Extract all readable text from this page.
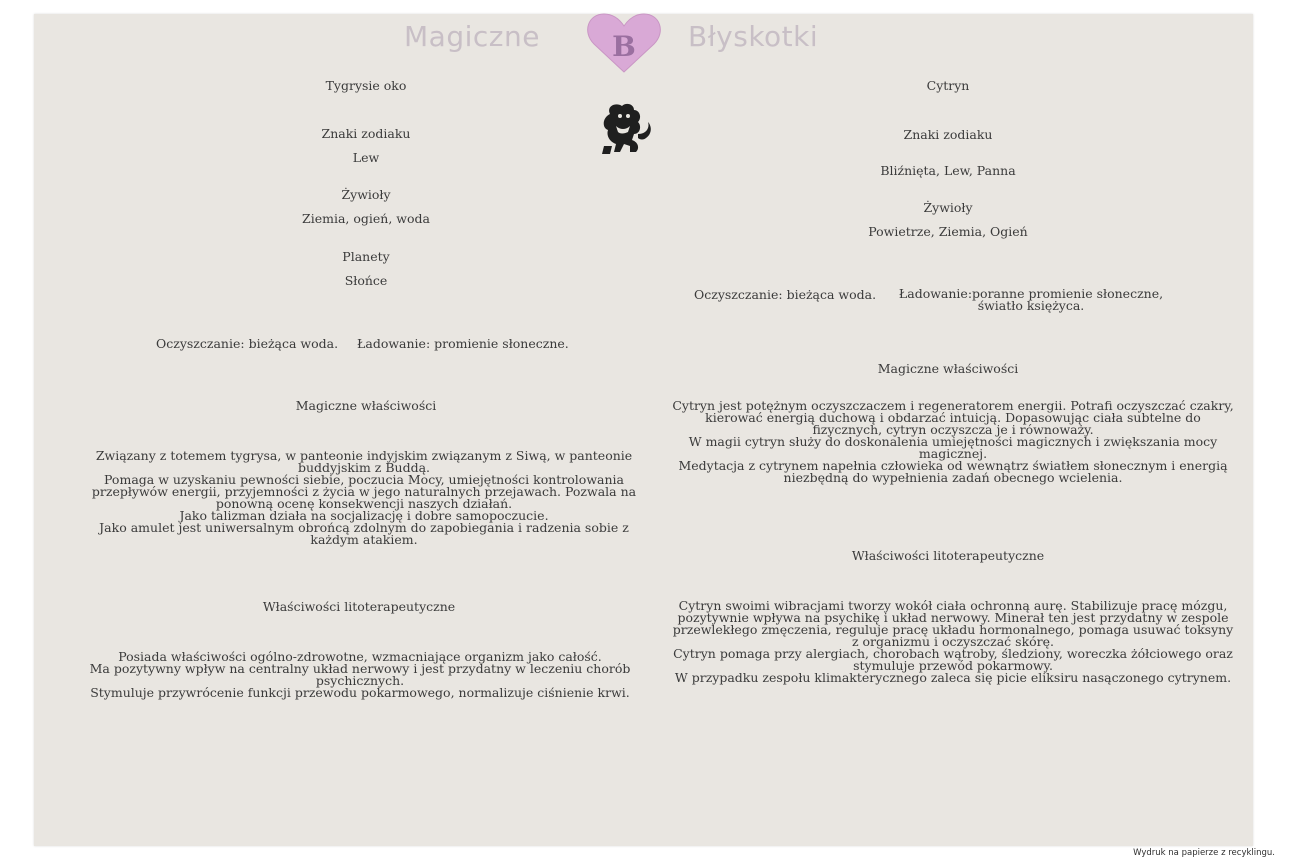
Magiczne	B Błyskotki
Tygrysie oko
Znaki zodiaku
Lew
Żywioły
Ziemia, ogień, woda
Planety
Słońce
Oczyszczanie: bieżąca woda. Ładowanie: promienie słoneczne.
Magiczne właściwości
Związany z totemem tygrysa, w panteonie indyjskim związanym z Siwą, w panteonie buddyjskim z Buddą.
Pomaga w uzyskaniu pewności siebie, poczucia Mocy, umiejętności kontrolowania przepływów energii, przyjemności z życia w jego naturalnych przejawach. Pozwala na ponowną ocenę konsekwencji naszych działań.
Jako talizman działa na socjalizację i dobre samopoczucie.
Jako amulet jest uniwersalnym obrońcą zdolnym do zapobiegania i radzenia sobie z każdym atakiem.
Właściwości litoterapeutyczne
Posiada właściwości ogólno-zdrowotne, wzmacniające organizm jako całość.
Ma pozytywny wpływ na centralny układ nerwowy i jest przydatny w leczeniu chorób psychicznych.
Stymuluje przywrócenie funkcji przewodu pokarmowego, normalizuje ciśnienie krwi.
Cytryn
Znaki zodiaku
Bliźnięta, Lew, Panna
Żywioły
Powietrze, Ziemia, Ogień
Oczyszczanie: bieżąca woda.	Ładowanie:poranne promienie słoneczne, światło księżyca.
Magiczne właściwości
Cytryn jest potężnym oczyszczaczem i regeneratorem energii. Potrafi oczyszczać czakry, kierować energią duchową i obdarzać intuicją. Dopasowując ciała subtelne do fizycznych, cytryn oczyszcza je i równoważy.
W magii cytryn służy do doskonalenia umiejętności magicznych i zwiększania mocy magicznej.
Medytacja z cytrynem napełnia człowieka od wewnątrz światłem słonecznym i energią niezbędną do wypełnienia zadań obecnego wcielenia.
Właściwości litoterapeutyczne
Cytryn swoimi wibracjami tworzy wokół ciała ochronną aurę. Stabilizuje pracę mózgu, pozytywnie wpływa na psychikę i układ nerwowy. Minerał ten jest przydatny w zespole przewlekłego zmęczenia, reguluje pracę układu hormonalnego, pomaga usuwać toksyny z organizmu i oczyszczać skórę.
Cytryn pomaga przy alergiach, chorobach wątroby, śledziony, woreczka żółciowego oraz stymuluje przewód pokarmowy.
W przypadku zespołu klimakterycznego zaleca się picie eliksiru nasączonego cytrynem.
Wydruk na papierze z recyklingu.
